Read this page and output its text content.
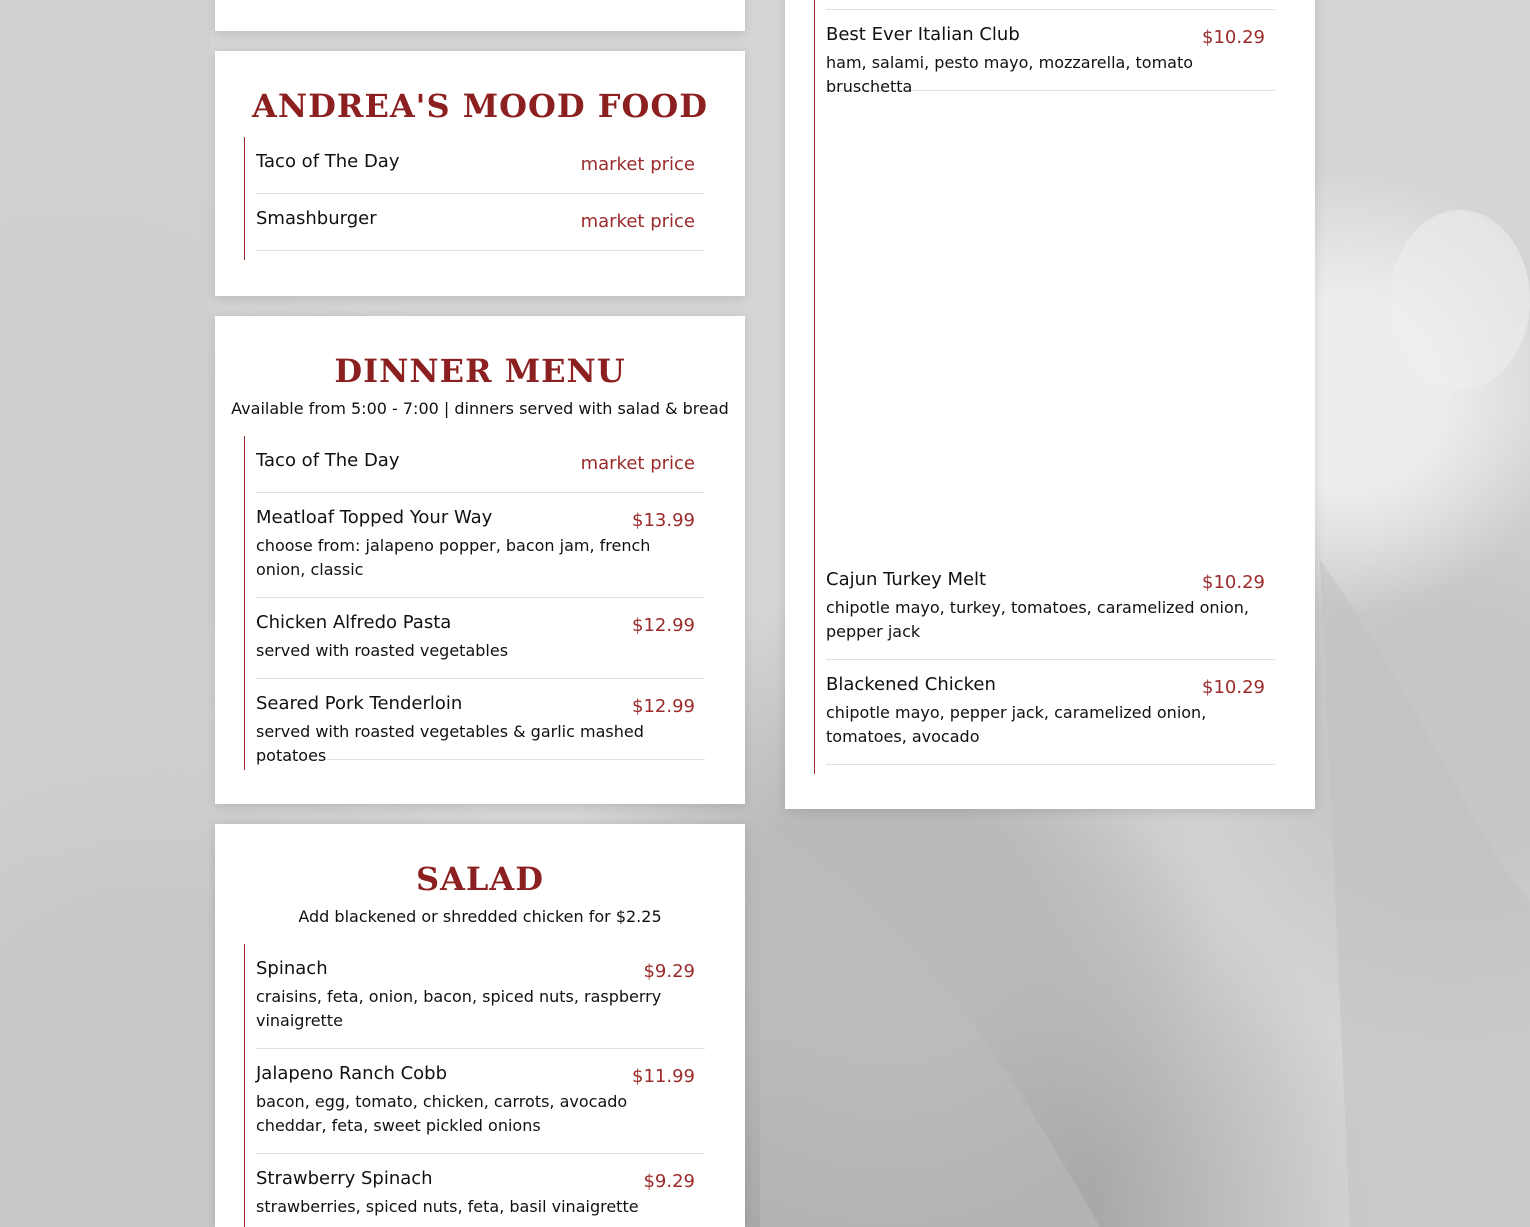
ANDREA'S MOOD FOOD
Taco of The Day	market price
Smashburger	market price
DINNER MENU
Available from 5:00 - 7:00 | dinners served with salad & bread
Taco of The Day	market price
Meatloaf Topped Your Way	$13.99
choose from: jalapeno popper, bacon jam, french onion, classic
Chicken Alfredo Pasta	$12.99
served with roasted vegetables
Seared Pork Tenderloin	$12.99
served with roasted vegetables & garlic mashed potatoes
SALAD
Add blackened or shredded chicken for $2.25
Spinach	$9.29
craisins, feta, onion, bacon, spiced nuts, raspberry vinaigrette
Jalapeno Ranch Cobb	$11.99
bacon, egg, tomato, chicken, carrots, avocado cheddar, feta, sweet pickled onions
Strawberry Spinach	$9.29
strawberries, spiced nuts, feta, basil vinaigrette
Best Ever Italian Club	$10.29
ham, salami, pesto mayo, mozzarella, tomato bruschetta
Cajun Turkey Melt	$10.29
chipotle mayo, turkey, tomatoes, caramelized onion, pepper jack
Blackened Chicken	$10.29
chipotle mayo, pepper jack, caramelized onion, tomatoes, avocado
